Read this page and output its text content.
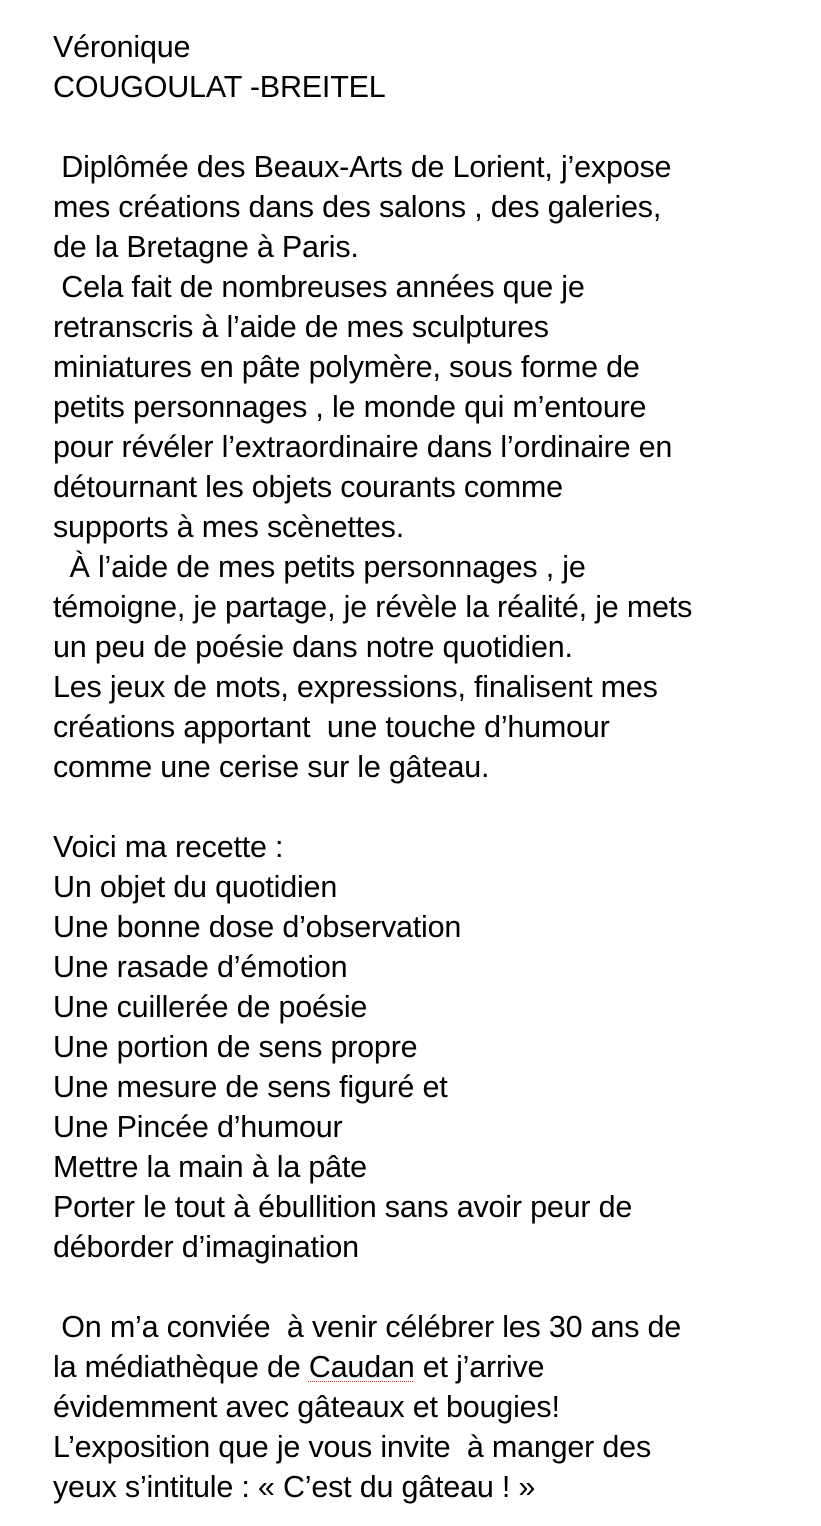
Véronique
COUGOULAT -BREITEL
Diplômée des Beaux-Arts de Lorient, j’expose
mes créations dans des salons , des galeries,
de la Bretagne à Paris.
Cela fait de nombreuses années que je
retranscris à l’aide de mes sculptures
miniatures en pâte polymère, sous forme de
petits personnages , le monde qui m’entoure
pour révéler l’extraordinaire dans l’ordinaire en
détournant les objets courants comme
supports à mes scènettes.
À l’aide de mes petits personnages , je
témoigne, je partage, je révèle la réalité, je mets
un peu de poésie dans notre quotidien.
Les jeux de mots, expressions, finalisent mes
créations apportant  une touche d’humour
comme une cerise sur le gâteau.
Voici ma recette :
Un objet du quotidien
Une bonne dose d’observation
Une rasade d’émotion
Une cuillerée de poésie
Une portion de sens propre
Une mesure de sens figuré et
Une Pincée d’humour
Mettre la main à la pâte
Porter le tout à ébullition sans avoir peur de
déborder d’imagination
On m’a conviée  à venir célébrer les 30 ans de
la médiathèque de Caudan et j’arrive
évidemment avec gâteaux et bougies!
L’exposition que je vous invite  à manger des
yeux s’intitule : « C’est du gâteau ! »
